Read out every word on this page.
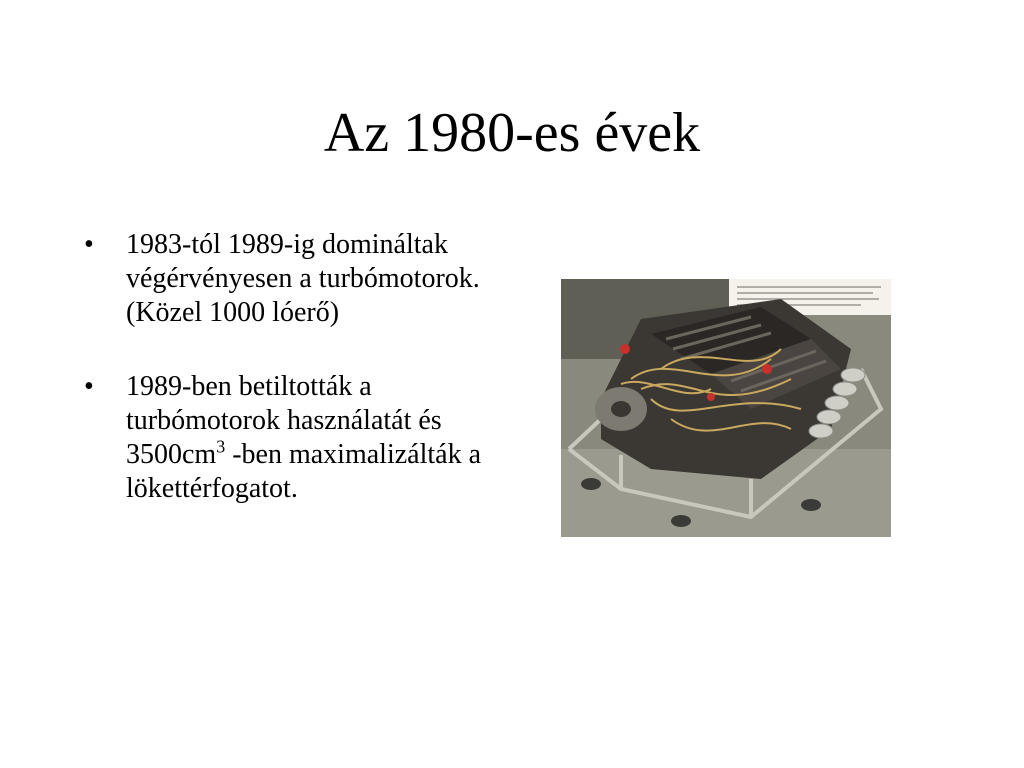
Az 1980-es évek
• 1983-tól 1989-ig domináltak végérvényesen a turbómotorok. (Közel 1000 lóerő)
• 1989-ben betiltották a turbómotorok használatát és $3500cm^3$ -ben maximalizálták a lökettérfogatot.
